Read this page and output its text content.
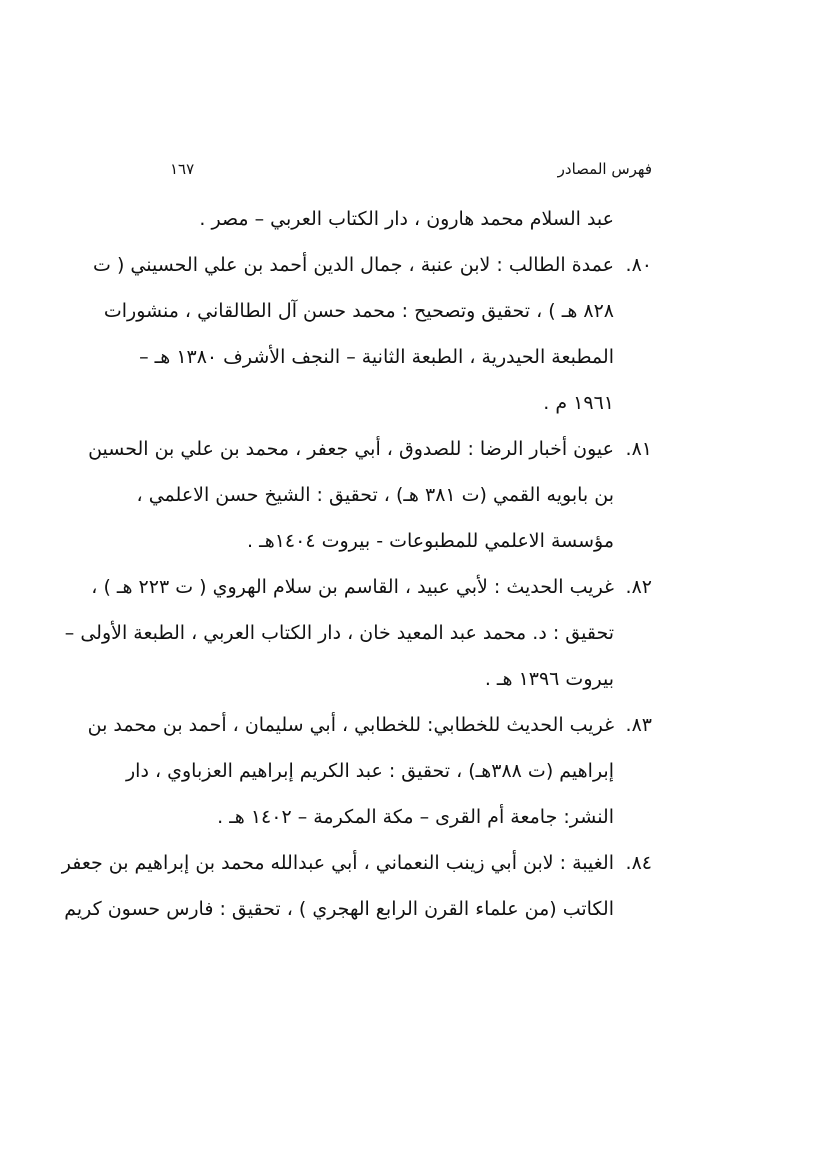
فهرس المصادر
١٦٧
عبد السلام محمد هارون ، دار الكتاب العربي – مصر .
٨٠.
عمدة الطالب : لابن عنبة ، جمال الدين أحمد بن علي الحسيني ( ت
٨٢٨ هـ ) ، تحقيق وتصحيح : محمد حسن آل الطالقاني ، منشورات
المطبعة الحيدرية ، الطبعة الثانية – النجف الأشرف ١٣٨٠ هـ –
١٩٦١ م .
٨١.
عيون أخبار الرضا : للصدوق ، أبي جعفر ، محمد بن علي بن الحسين
بن بابويه القمي (ت ٣٨١ هـ) ، تحقيق : الشيخ حسن الاعلمي ،
مؤسسة الاعلمي للمطبوعات - بيروت ١٤٠٤هـ .
٨٢.
غريب الحديث : لأبي عبيد ، القاسم بن سلام الهروي ( ت ٢٢٣ هـ ) ،
تحقيق : د. محمد عبد المعيد خان ، دار الكتاب العربي ، الطبعة الأولى –
بيروت ١٣٩٦ هـ .
٨٣.
غريب الحديث للخطابي: للخطابي ، أبي سليمان ، أحمد بن محمد بن
إبراهيم (ت ٣٨٨هـ) ، تحقيق : عبد الكريم إبراهيم العزباوي ، دار
النشر: جامعة أم القرى – مكة المكرمة – ١٤٠٢ هـ .
٨٤.
الغيبة : لابن أبي زينب النعماني ، أبي عبدالله محمد بن إبراهيم بن جعفر
الكاتب (من علماء القرن الرابع الهجري ) ، تحقيق : فارس حسون كريم
